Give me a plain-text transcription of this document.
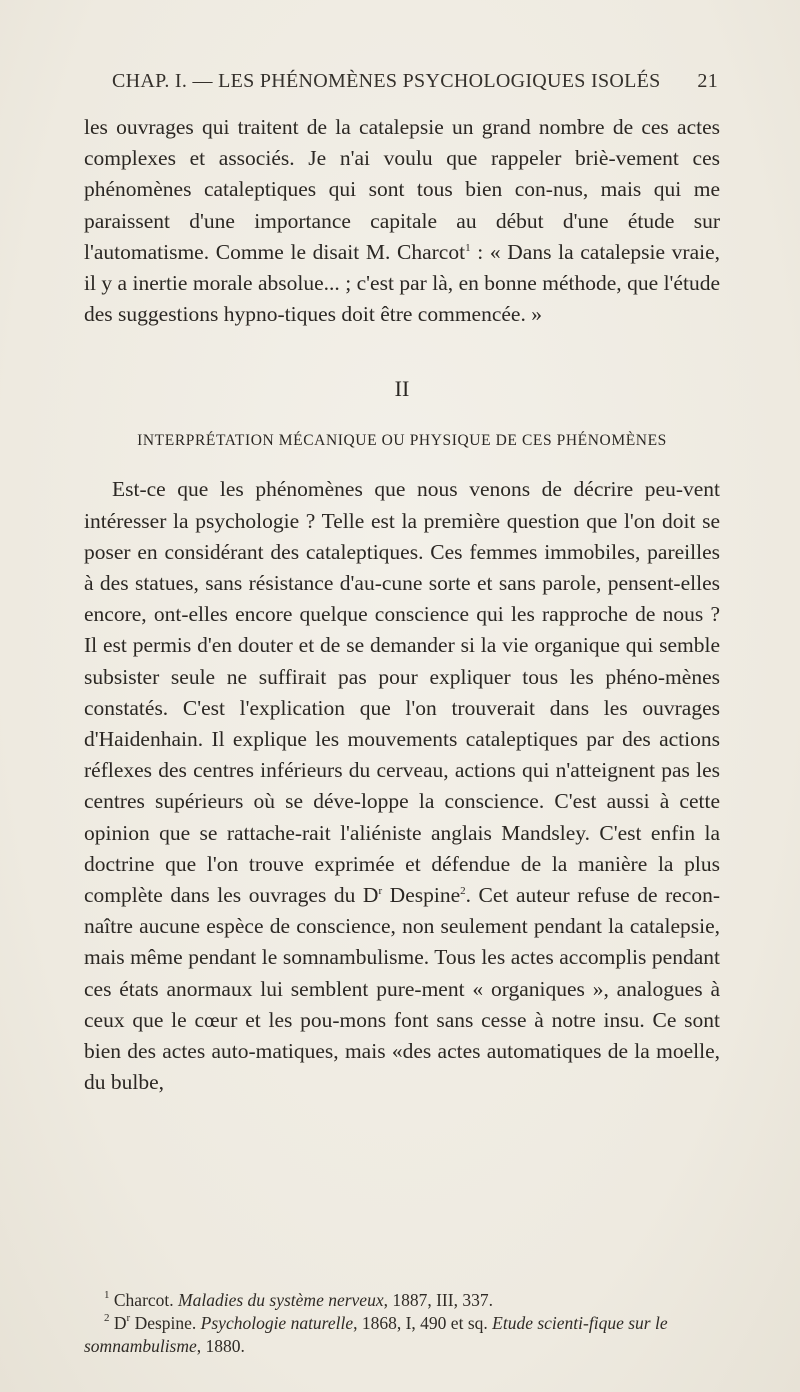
CHAP. I. — LES PHÉNOMÈNES PSYCHOLOGIQUES ISOLÉS 21

les ouvrages qui traitent de la catalepsie un grand nombre de ces actes complexes et associés. Je n'ai voulu que rappeler briè-vement ces phénomènes cataleptiques qui sont tous bien con-nus, mais qui me paraissent d'une importance capitale au début d'une étude sur l'automatisme. Comme le disait M. Charcot$^1$ : « Dans la catalepsie vraie, il y a inertie morale absolue... ; c'est par là, en bonne méthode, que l'étude des suggestions hypno-tiques doit être commencée. »

II
INTERPRÉTATION MÉCANIQUE OU PHYSIQUE DE CES PHÉNOMÈNES

Est-ce que les phénomènes que nous venons de décrire peu-vent intéresser la psychologie ? Telle est la première question que l'on doit se poser en considérant des cataleptiques. Ces femmes immobiles, pareilles à des statues, sans résistance d'au-cune sorte et sans parole, pensent-elles encore, ont-elles encore quelque conscience qui les rapproche de nous ? Il est permis d'en douter et de se demander si la vie organique qui semble subsister seule ne suffirait pas pour expliquer tous les phéno-mènes constatés. C'est l'explication que l'on trouverait dans les ouvrages d'Haidenhain. Il explique les mouvements cataleptiques par des actions réflexes des centres inférieurs du cerveau, actions qui n'atteignent pas les centres supérieurs où se déve-loppe la conscience. C'est aussi à cette opinion que se rattache-rait l'aliéniste anglais Mandsley. C'est enfin la doctrine que l'on trouve exprimée et défendue de la manière la plus complète dans les ouvrages du $D^r$ Despine$^2$. Cet auteur refuse de recon-naître aucune espèce de conscience, non seulement pendant la catalepsie, mais même pendant le somnambulisme. Tous les actes accomplis pendant ces états anormaux lui semblent pure-ment « organiques », analogues à ceux que le cœur et les pou-mons font sans cesse à notre insu. Ce sont bien des actes auto-matiques, mais «des actes automatiques de la moelle, du bulbe,

$^1$ Charcot. Maladies du système nerveux, 1887, III, 337.

$^2$ $D^r$ Despine. Psychologie naturelle, 1868, I, 490 et sq. Etude scienti-fique sur le somnambulisme, 1880.
